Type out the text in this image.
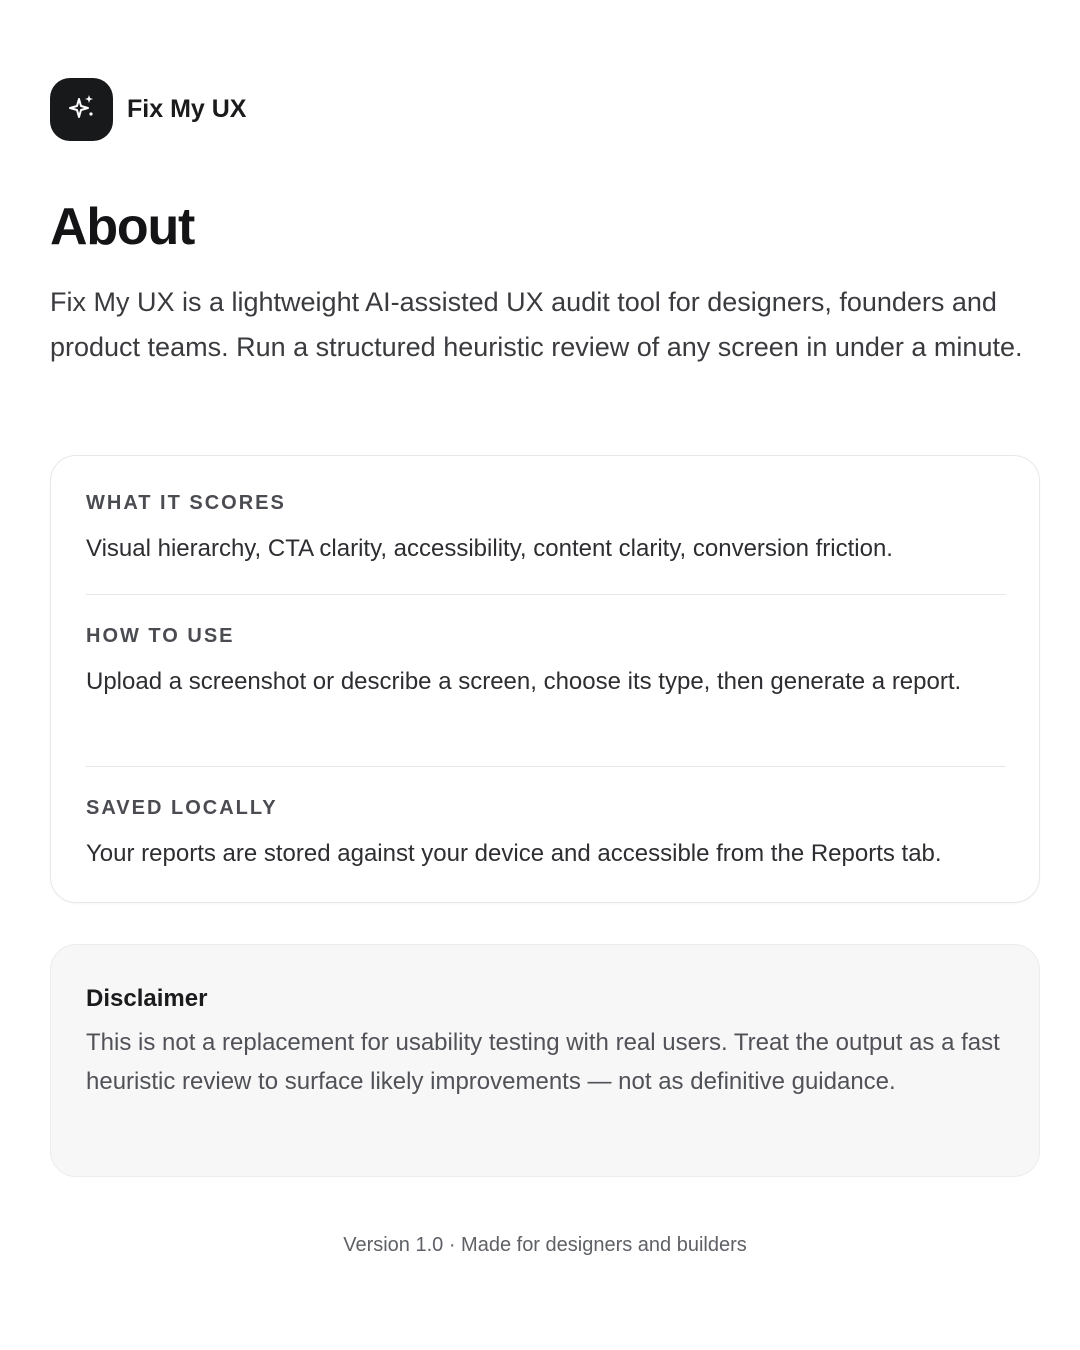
Fix My UX
About

Fix My UX is a lightweight AI-assisted UX audit tool for designers, founders and product teams. Run a structured heuristic review of any screen in under a minute.

WHAT IT SCORES
Visual hierarchy, CTA clarity, accessibility, content clarity, conversion friction.
HOW TO USE
Upload a screenshot or describe a screen, choose its type, then generate a report.
SAVED LOCALLY
Your reports are stored against your device and accessible from the Reports tab.
Disclaimer
This is not a replacement for usability testing with real users. Treat the output as a fast heuristic review to surface likely improvements — not as definitive guidance.
Version 1.0 · Made for designers and builders
